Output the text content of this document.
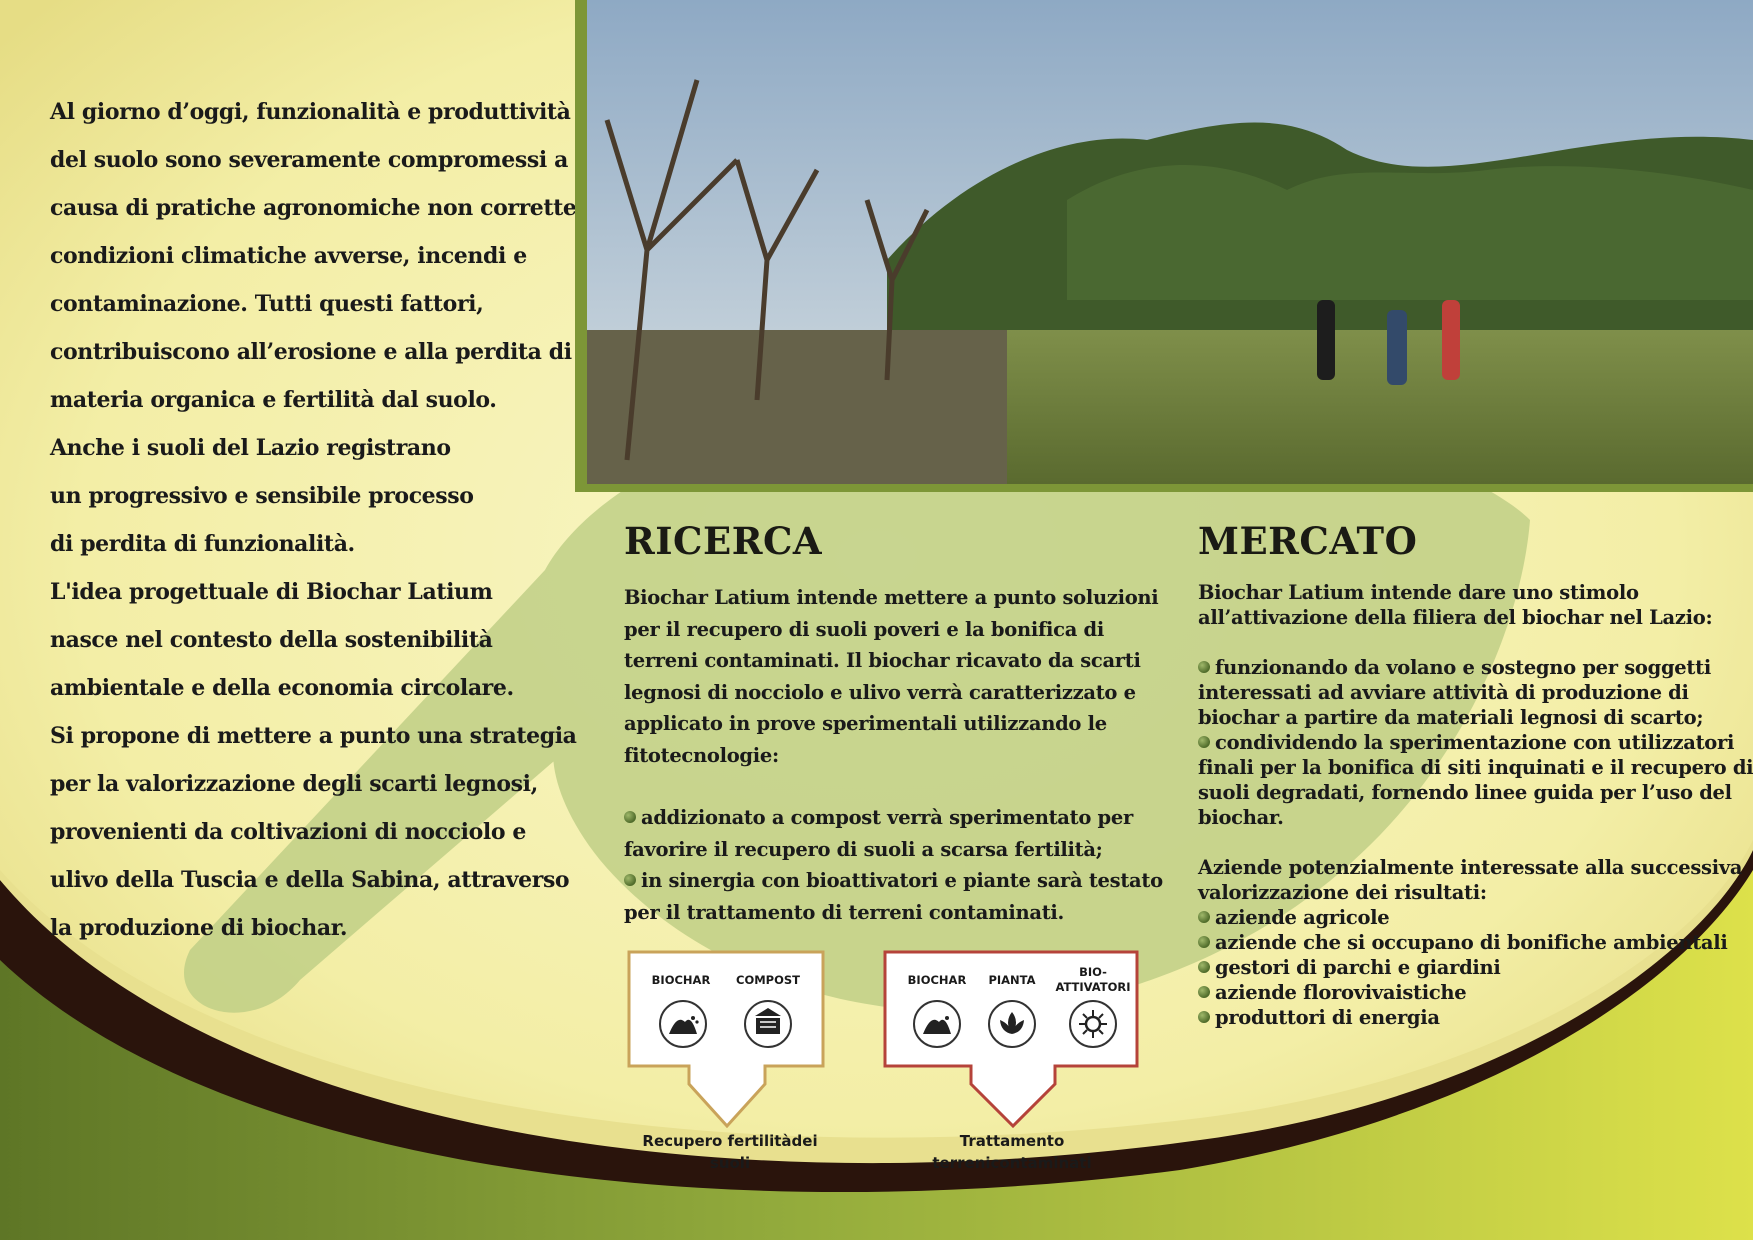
Al giorno d’oggi, funzionalità e produttività
del suolo sono severamente compromessi a
causa di pratiche agronomiche non corrette,
condizioni climatiche avverse, incendi e
contaminazione. Tutti questi fattori,
contribuiscono all’erosione e alla perdita di
materia organica e fertilità dal suolo.
Anche i suoli del Lazio registrano
un progressivo e sensibile processo
di perdita di funzionalità.
L'idea progettuale di Biochar Latium
nasce nel contesto della sostenibilità
ambientale e della economia circolare.
Si propone di mettere a punto una strategia
per la valorizzazione degli scarti legnosi,
provenienti da coltivazioni di nocciolo e
ulivo della Tuscia e della Sabina, attraverso
la produzione di biochar.

RICERCA
Biochar Latium intende mettere a punto soluzioni
per il recupero di suoli poveri e la bonifica di
terreni contaminati. Il biochar ricavato da scarti
legnosi di nocciolo e ulivo verrà caratterizzato e
applicato in prove sperimentali utilizzando le
fitotecnologie:
addizionato a compost verrà sperimentato per
favorire il recupero di suoli a scarsa fertilità;
in sinergia con bioattivatori e piante sarà testato
per il trattamento di terreni contaminati.
MERCATO
Biochar Latium intende dare uno stimolo
all’attivazione della filiera del biochar nel Lazio:
funzionando da volano e sostegno per soggetti
interessati ad avviare attività di produzione di
biochar a partire da materiali legnosi di scarto;
condividendo la sperimentazione con utilizzatori
finali per la bonifica di siti inquinati e il recupero di
suoli degradati, fornendo linee guida per l’uso del
biochar.
Aziende potenzialmente interessate alla successiva
valorizzazione dei risultati:
aziende agricole
aziende che si occupano di bonifiche ambientali
gestori di parchi e giardini
aziende florovivaistiche
produttori di energia
BIOCHAR COMPOST

Recupero fertilitàdei suoli

BIOCHAR PIANTA
BIO-
ATTIVATORI

Trattamento terrenicontaminati
